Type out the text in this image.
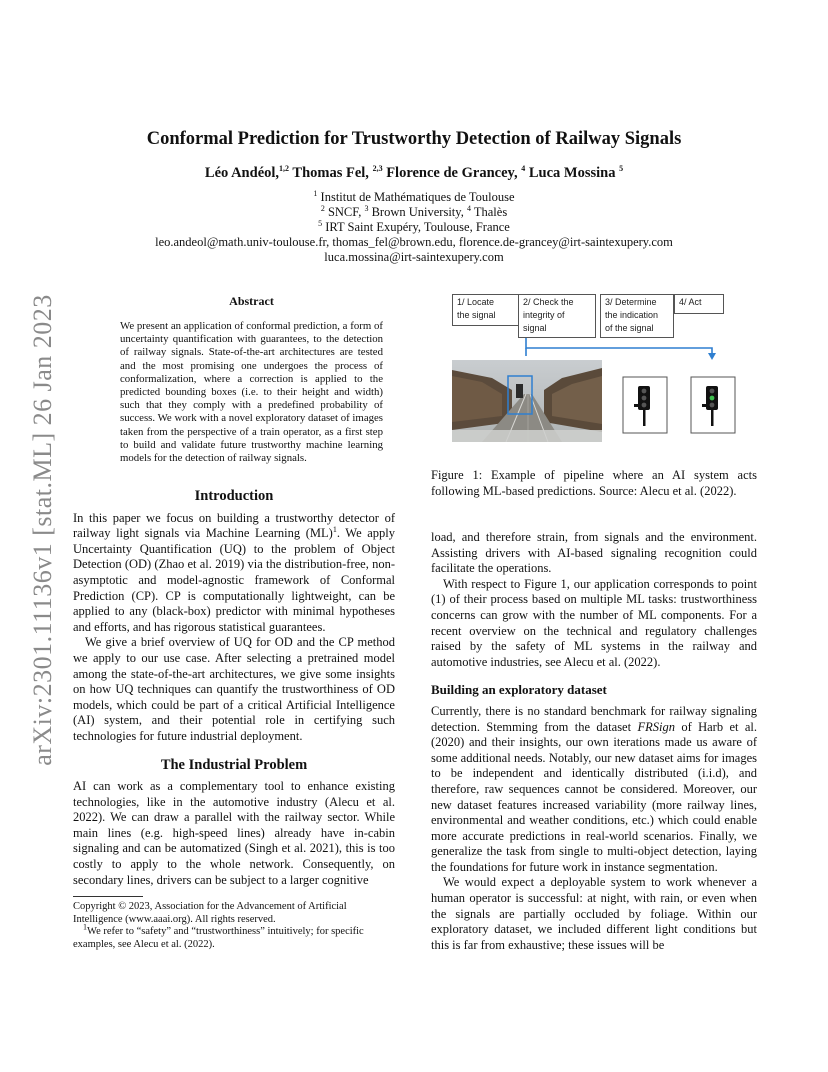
arXiv:2301.11136v1 [stat.ML] 26 Jan 2023
Conformal Prediction for Trustworthy Detection of Railway Signals
Léo Andéol,$^{1,2}$ Thomas Fel, $^{2,3}$ Florence de Grancey, $^4$ Luca Mossina $^5$
$^1$ Institut de Mathématiques de Toulouse
$^2$ SNCF, $^3$ Brown University, $^4$ Thalès
$^5$ IRT Saint Exupéry, Toulouse, France
leo.andeol@math.univ-toulouse.fr, thomas_fel@brown.edu, florence.de-grancey@irt-saintexupery.com
luca.mossina@irt-saintexupery.com
Abstract
We present an application of conformal prediction, a form of uncertainty quantification with guarantees, to the detection of railway signals. State-of-the-art architectures are tested and the most promising one undergoes the process of conformalization, where a correction is applied to the predicted bounding boxes (i.e. to their height and width) such that they comply with a predefined probability of success. We work with a novel exploratory dataset of images taken from the perspective of a train operator, as a first step to build and validate future trustworthy machine learning models for the detection of railway signals.
Introduction

In this paper we focus on building a trustworthy detector of railway light signals via Machine Learning (ML)$^1$. We apply Uncertainty Quantification (UQ) to the problem of Object Detection (OD) (Zhao et al. 2019) via the distribution-free, non-asymptotic and model-agnostic framework of Conformal Prediction (CP). CP is computationally lightweight, can be applied to any (black-box) predictor with minimal hypotheses and efforts, and has rigorous statistical guarantees.

We give a brief overview of UQ for OD and the CP method we apply to our use case. After selecting a pretrained model among the state-of-the-art architectures, we give some insights on how UQ techniques can quantify the trustworthiness of OD models, which could be part of a critical Artificial Intelligence (AI) system, and their potential role in certifying such technologies for future industrial deployment.

The Industrial Problem

AI can work as a complementary tool to enhance existing technologies, like in the automotive industry (Alecu et al. 2022). We can draw a parallel with the railway sector. While main lines (e.g. high-speed lines) already have in-cabin signaling and can be automatized (Singh et al. 2021), this is too costly to apply to the whole network. Consequently, on secondary lines, drivers can be subject to a larger cognitive

Copyright © 2023, Association for the Advancement of Artificial Intelligence (www.aaai.org). All rights reserved.
$^1$We refer to “safety” and “trustworthiness” intuitively; for specific examples, see Alecu et al. (2022).
1/ Locate
the signal
2/ Check the
integrity of
signal
3/ Determine
the indication
of the signal
4/ Act
Figure 1: Example of pipeline where an AI system acts following ML-based predictions. Source: Alecu et al. (2022).

load, and therefore strain, from signals and the environment. Assisting drivers with AI-based signaling recognition could facilitate the operations.

With respect to Figure 1, our application corresponds to point (1) of their process based on multiple ML tasks: trustworthiness concerns can grow with the number of ML components. For a recent overview on the technical and regulatory challenges raised by the safety of ML systems in the railway and automotive industries, see Alecu et al. (2022).

Building an exploratory dataset

Currently, there is no standard benchmark for railway signaling detection. Stemming from the dataset FRSign of Harb et al. (2020) and their insights, our own iterations made us aware of some additional needs. Notably, our new dataset aims for images to be independent and identically distributed (i.i.d), and therefore, raw sequences cannot be considered. Moreover, our new dataset features increased variability (more railway lines, environmental and weather conditions, etc.) which could enable more accurate predictions in real-world scenarios. Finally, we generalize the task from single to multi-object detection, laying the foundations for future work in instance segmentation.

We would expect a deployable system to work whenever a human operator is successful: at night, with rain, or even when the signals are partially occluded by foliage. Within our exploratory dataset, we included different light conditions but this is far from exhaustive; these issues will be
